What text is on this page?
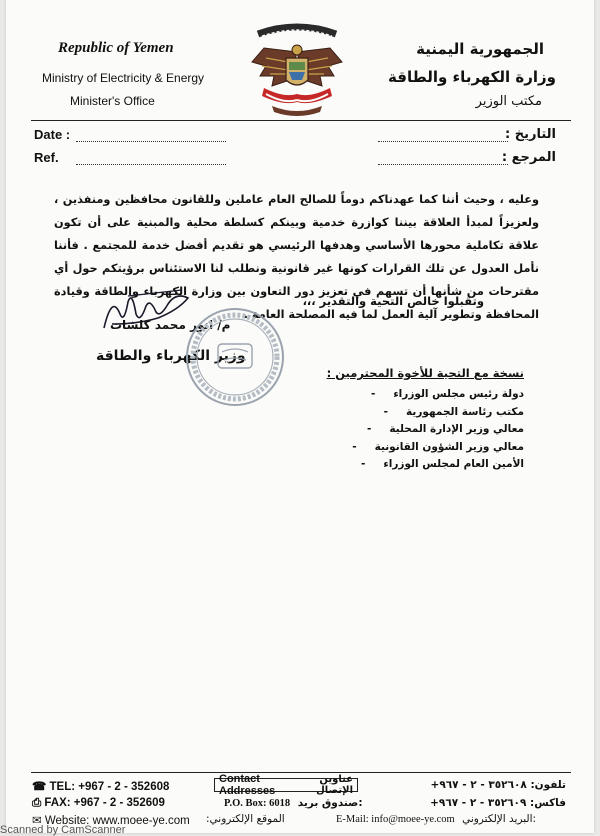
Republic of Yemen
Ministry of Electricity & Energy
Minister's Office
الجمهورية اليمنية
وزارة الكهرباء والطاقة
مكتب الوزير
Date :
Ref.
التاريخ :
المرجع :
وعليه ، وحيث أننا كما عهدناكم دوماً للصالح العام عاملين وللقانون محافظين ومنفذين ، ولعزيزاً لمبدأ العلاقة بيننا كوازرة خدمية وبينكم كسلطة محلية والمبنية على أن تكون علاقة تكاملية محورها الأساسي وهدفها الرئيسي هو تقديم أفضل خدمة للمجتمع . فأننا نأمل العدول عن تلك القرارات كونها غير قانونية ونطلب لنا الاستئناس برؤيتكم حول أي مقترحات من شأنها أن تسهم في تعزيز دور التعاون بين وزارة الكهرباء والطاقة وقيادة المحافظة وتطوير آلية العمل لما فيه المصلحة العامة .
وتقبلوا خالص التحية والتقدير ،،،
م/ انور محمد كلشات
وزير الكهرباء والطاقة
نسخة مع التحية للأخوة المحترمين :
دولة رئيس مجلس الوزراء -
مكتب رئاسة الجمهورية -
معالي وزير الإدارة المحلية -
معالي وزير الشؤون القانونية -
الأمين العام لمجلس الوزراء -
☎ TEL: +967 - 2 - 352608
⎙ FAX: +967 - 2 - 352609
✉ Website: www.moee-ye.com
Contact Addresses
عناوين الإتصال
P.O. Box: 6018 صندوق بريد:
الموقع الإلكتروني:
تلفون: ٣٥٢٦٠٨ - ٢ - ٩٦٧+
فاكس: ٣٥٢٦٠٩ - ٢ - ٩٦٧+
E-Mail: info@moee-ye.com البريد الإلكتروني:
Scanned by CamScanner
